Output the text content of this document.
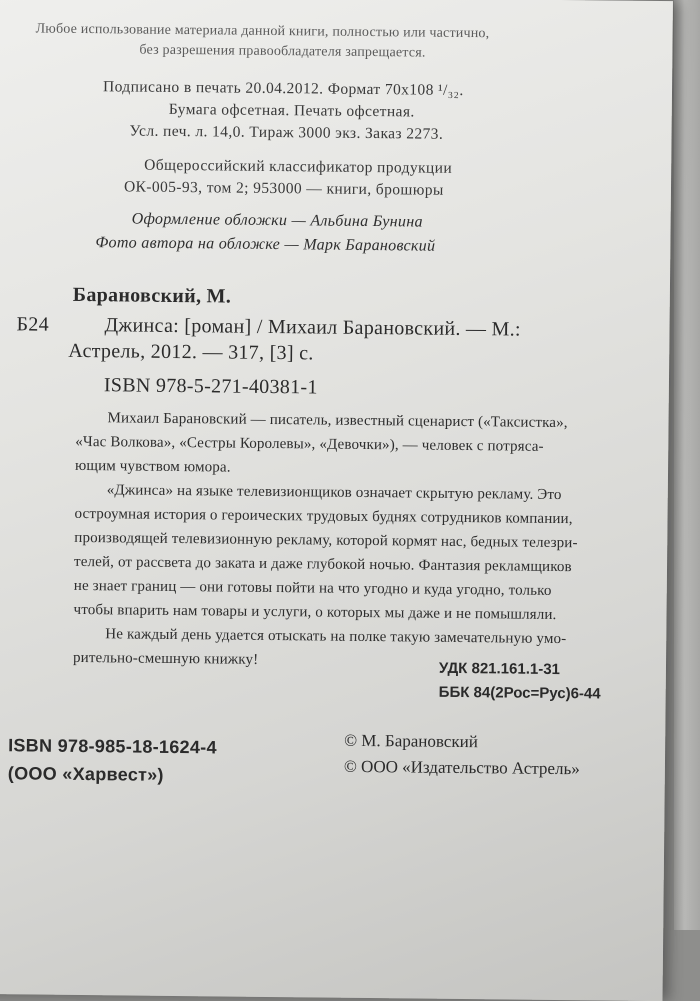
Любое использование материала данной книги, полностью или частично,
без разрешения правообладателя запрещается.
Подписано в печать 20.04.2012. Формат 70х108 ¹/₃₂.
Бумага офсетная. Печать офсетная.
Усл. печ. л. 14,0. Тираж 3000 экз. Заказ 2273.
Общероссийский классификатор продукции
ОК-005-93, том 2; 953000 — книги, брошюры
Оформление обложки — Альбина Бунина
Фото автора на обложке — Марк Барановский
Барановский, М.
Б24	Джинса: [роман] / Михаил Барановский. — М.:
Астрель, 2012. — 317, [3] с.
ISBN 978-5-271-40381-1
Михаил Барановский — писатель, известный сценарист («Таксистка»,
«Час Волкова», «Сестры Королевы», «Девочки»), — человек с потряса-
ющим чувством юмора.
«Джинса» на языке телевизионщиков означает скрытую рекламу. Это
остроумная история о героических трудовых буднях сотрудников компании,
производящей телевизионную рекламу, которой кормят нас, бедных телезри-
телей, от рассвета до заката и даже глубокой ночью. Фантазия рекламщиков
не знает границ — они готовы пойти на что угодно и куда угодно, только
чтобы впарить нам товары и услуги, о которых мы даже и не помышляли.
Не каждый день удается отыскать на полке такую замечательную умо-
рительно-смешную книжку!
УДК 821.161.1-31
ББК 84(2Рос=Рус)6-44
ISBN 978-985-18-1624-4
(ООО «Харвест»)
© М. Барановский
© ООО «Издательство Астрель»
